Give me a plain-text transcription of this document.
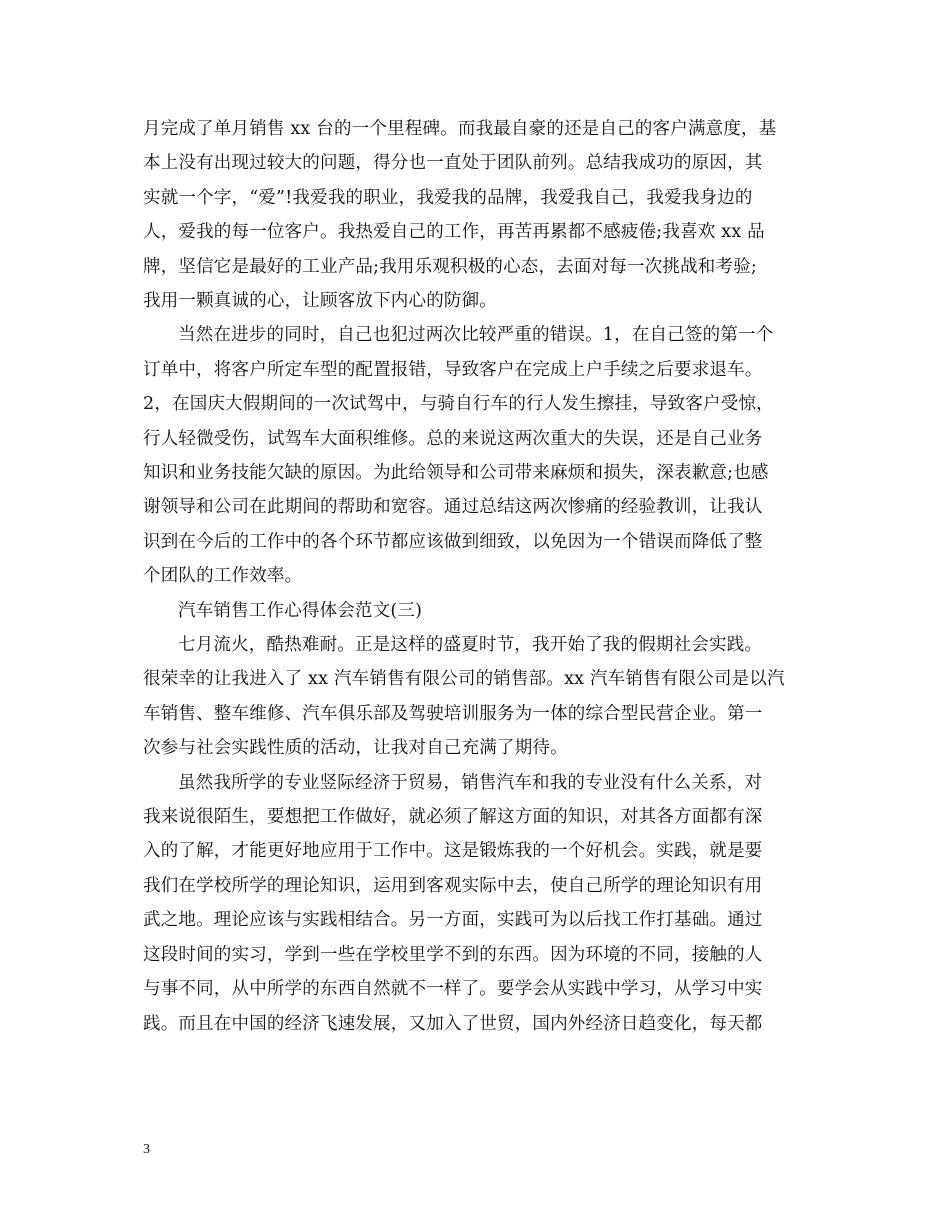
月完成了单月销售 xx 台的一个里程碑。而我最自豪的还是自己的客户满意度，基
本上没有出现过较大的问题，得分也一直处于团队前列。总结我成功的原因，其
实就一个字，“爱”!我爱我的职业，我爱我的品牌，我爱我自己，我爱我身边的
人，爱我的每一位客户。我热爱自己的工作，再苦再累都不感疲倦;我喜欢 xx 品
牌，坚信它是最好的工业产品;我用乐观积极的心态，去面对每一次挑战和考验;
我用一颗真诚的心，让顾客放下内心的防御。
当然在进步的同时，自己也犯过两次比较严重的错误。1，在自己签的第一个
订单中，将客户所定车型的配置报错，导致客户在完成上户手续之后要求退车。
2，在国庆大假期间的一次试驾中，与骑自行车的行人发生擦挂，导致客户受惊，
行人轻微受伤，试驾车大面积维修。总的来说这两次重大的失误，还是自己业务
知识和业务技能欠缺的原因。为此给领导和公司带来麻烦和损失，深表歉意;也感
谢领导和公司在此期间的帮助和宽容。通过总结这两次惨痛的经验教训，让我认
识到在今后的工作中的各个环节都应该做到细致，以免因为一个错误而降低了整
个团队的工作效率。
汽车销售工作心得体会范文(三)
七月流火，酷热难耐。正是这样的盛夏时节，我开始了我的假期社会实践。
很荣幸的让我进入了 xx 汽车销售有限公司的销售部。xx 汽车销售有限公司是以汽
车销售、整车维修、汽车俱乐部及驾驶培训服务为一体的综合型民营企业。第一
次参与社会实践性质的活动，让我对自己充满了期待。
虽然我所学的专业竖际经济于贸易，销售汽车和我的专业没有什么关系，对
我来说很陌生，要想把工作做好，就必须了解这方面的知识，对其各方面都有深
入的了解，才能更好地应用于工作中。这是锻炼我的一个好机会。实践，就是要
我们在学校所学的理论知识，运用到客观实际中去，使自己所学的理论知识有用
武之地。理论应该与实践相结合。另一方面，实践可为以后找工作打基础。通过
这段时间的实习，学到一些在学校里学不到的东西。因为环境的不同，接触的人
与事不同，从中所学的东西自然就不一样了。要学会从实践中学习，从学习中实
践。而且在中国的经济飞速发展，又加入了世贸，国内外经济日趋变化，每天都
3
